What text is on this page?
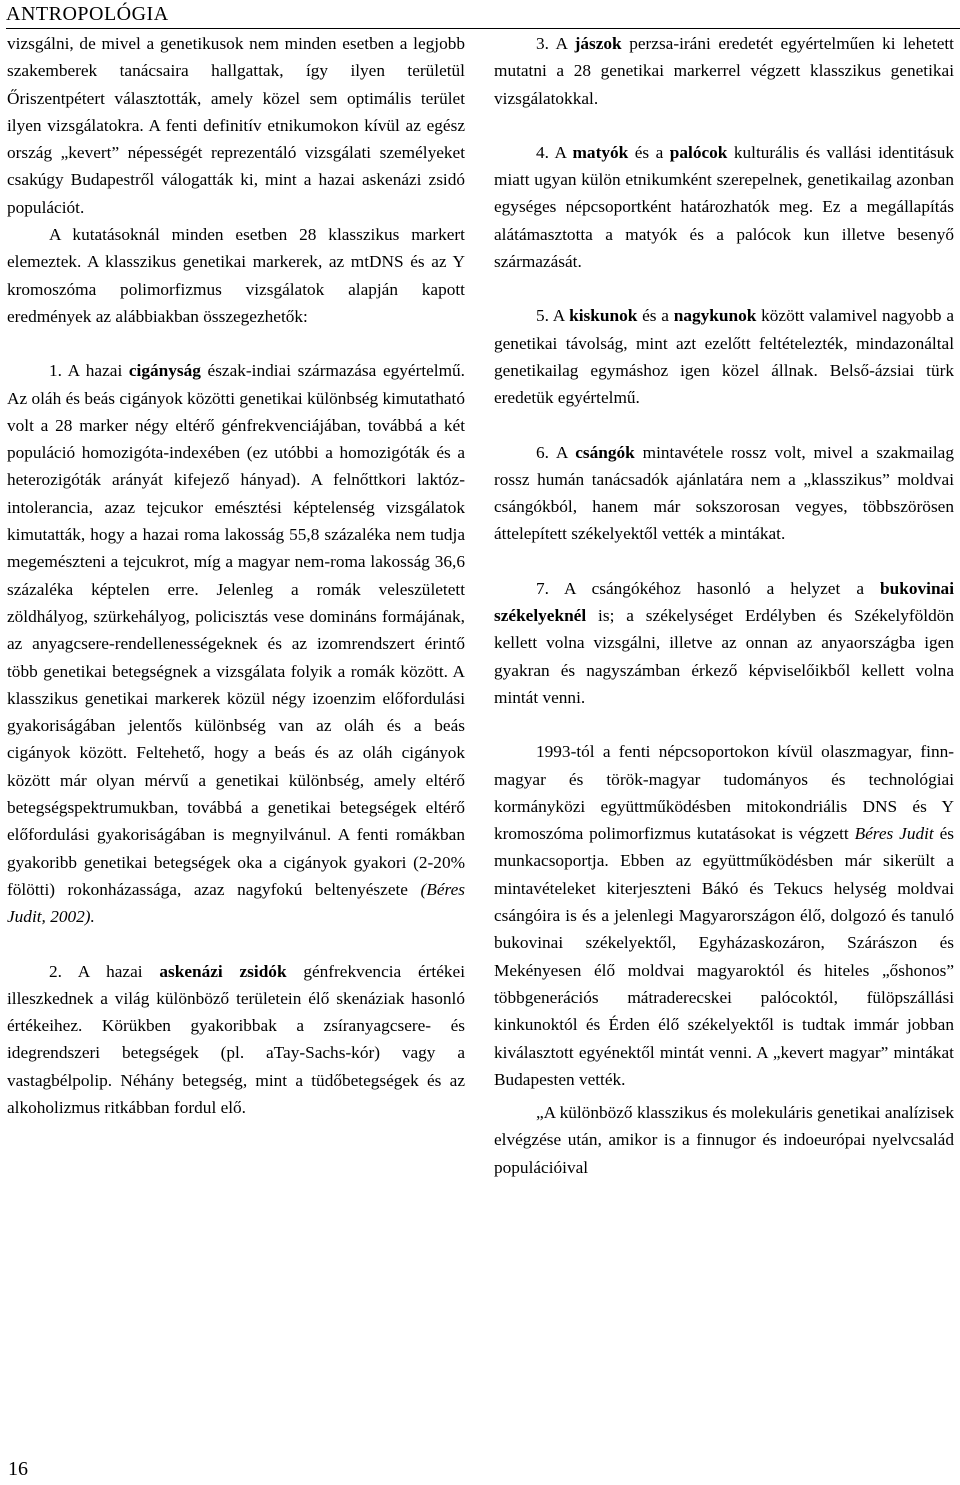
ANTROPOLÓGIA

vizsgálni, de mivel a genetikusok nem minden esetben a legjobb szakemberek tanácsaira hallgattak, így ilyen területül Őriszentpétert választották, amely közel sem optimális terület ilyen vizsgálatokra. A fenti definitív etnikumokon kívül az egész ország „kevert” népességét reprezentáló vizsgálati személyeket csakúgy Budapestről válogatták ki, mint a hazai askenázi zsidó populációt.

A kutatásoknál minden esetben 28 klasszikus markert elemeztek. A klasszikus genetikai markerek, az mtDNS és az Y kromoszóma polimorfizmus vizsgálatok alapján kapott eredmények az alábbiakban összegezhetők:

1. A hazai cigányság észak-indiai származása egyértelmű. Az oláh és beás cigányok közötti genetikai különbség kimutatható volt a 28 marker négy eltérő génfrekvenciájában, továbbá a két populáció homozigóta-indexében (ez utóbbi a homozigóták és a heterozigóták arányát kifejező hányad). A felnőttkori laktóz-intolerancia, azaz tejcukor emésztési képtelenség vizsgálatok kimutatták, hogy a hazai roma lakosság 55,8 százaléka nem tudja megemészteni a tejcukrot, míg a magyar nem-roma lakosság 36,6 százaléka képtelen erre. Jelenleg a romák veleszületett zöldhályog, szürkehályog, policisztás vese domináns formájának, az anyagcsere-rendellenességeknek és az izomrendszert érintő több genetikai betegségnek a vizsgálata folyik a romák között. A klasszikus genetikai markerek közül négy izoenzim előfordulási gyakoriságában jelentős különbség van az oláh és a beás cigányok között. Feltehető, hogy a beás és az oláh cigányok között már olyan mérvű a genetikai különbség, amely eltérő betegségspektrumukban, továbbá a genetikai betegségek eltérő előfordulási gyakoriságában is megnyilvánul. A fenti romákban gyakoribb genetikai betegségek oka a cigányok gyakori (2-20% fölötti) rokonházassága, azaz nagyfokú beltenyészete (Béres Judit, 2002).

2. A hazai askenázi zsidók génfrekvencia értékei illeszkednek a világ különböző területein élő skenáziak hasonló értékeihez. Körükben gyakoribbak a zsíranyagcsere- és idegrendszeri betegségek (pl. aTay-Sachs-kór) vagy a vastagbélpolip. Néhány betegség, mint a tüdőbetegségek és az alkoholizmus ritkábban fordul elő.

3. A jászok perzsa-iráni eredetét egyértelműen ki lehetett mutatni a 28 genetikai markerrel végzett klasszikus genetikai vizsgálatokkal.

4. A matyók és a palócok kulturális és vallási identitásuk miatt ugyan külön etnikumként szerepelnek, genetikailag azonban egységes népcsoportként határozhatók meg. Ez a megállapítás alátámasztotta a matyók és a palócok kun illetve besenyő származását.

5. A kiskunok és a nagykunok között valamivel nagyobb a genetikai távolság, mint azt ezelőtt feltételezték, mindazonáltal genetikailag egymáshoz igen közel állnak. Belső-ázsiai türk eredetük egyértelmű.

6. A csángók mintavétele rossz volt, mivel a szakmailag rossz humán tanácsadók ajánlatára nem a „klasszikus” moldvai csángókból, hanem már sokszorosan vegyes, többszörösen áttelepített székelyektől vették a mintákat.

7. A csángókéhoz hasonló a helyzet a bukovinai székelyeknél is; a székelységet Erdélyben és Székelyföldön kellett volna vizsgálni, illetve az onnan az anyaországba igen gyakran és nagyszámban érkező képviselőikből kellett volna mintát venni.

1993-tól a fenti népcsoportokon kívül olaszmagyar, finn-magyar és török-magyar tudományos és technológiai kormányközi együttműködésben mitokondriális DNS és Y kromoszóma polimorfizmus kutatásokat is végzett Béres Judit és munkacsoportja. Ebben az együttműködésben már sikerült a mintavételeket kiterjeszteni Bákó és Tekucs helység moldvai csángóira is és a jelenlegi Magyarországon élő, dolgozó és tanuló bukovinai székelyektől, Egyházaskozáron, Szárászon és Mekényesen élő moldvai magyaroktól és hiteles „őshonos” többgenerációs mátraderecskei palócoktól, fülöpszállási kinkunoktól és Érden élő székelyektől is tudtak immár jobban kiválasztott egyénektől mintát venni. A „kevert magyar” mintákat Budapesten vették.

„A különböző klasszikus és molekuláris genetikai analízisek elvégzése után, amikor is a finnugor és indoeurópai nyelvcsalád populációival

16
